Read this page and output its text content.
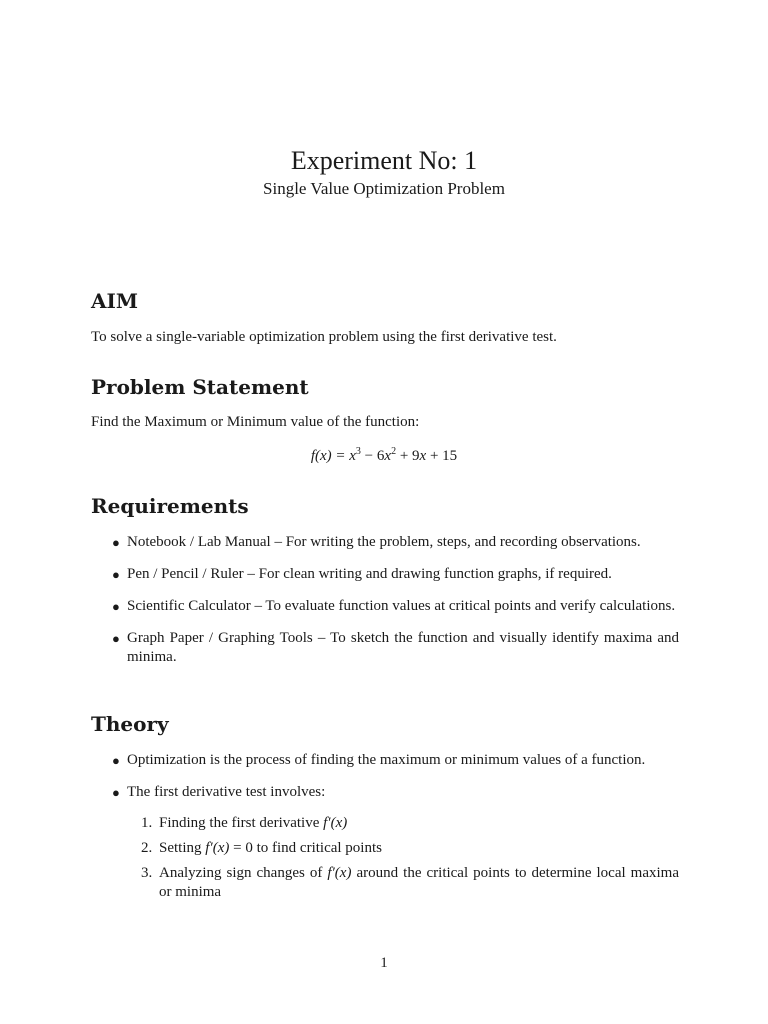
Experiment No: 1

Single Value Optimization Problem

AIM

To solve a single-variable optimization problem using the first derivative test.

Problem Statement

Find the Maximum or Minimum value of the function:

$f(x) = x^3 - 6x^2 + 9x + 15$
Requirements
● Notebook / Lab Manual – For writing the problem, steps, and recording observations.
● Pen / Pencil / Ruler – For clean writing and drawing function graphs, if required.
● Scientific Calculator – To evaluate function values at critical points and verify calculations.
● Graph Paper / Graphing Tools – To sketch the function and visually identify maxima and minima.
Theory
● Optimization is the process of finding the maximum or minimum values of a function.
● The first derivative test involves:
1. Finding the first derivative f′(x)
2. Setting f′(x) = 0 to find critical points
3. Analyzing sign changes of f′(x) around the critical points to determine local maxima or minima
1
